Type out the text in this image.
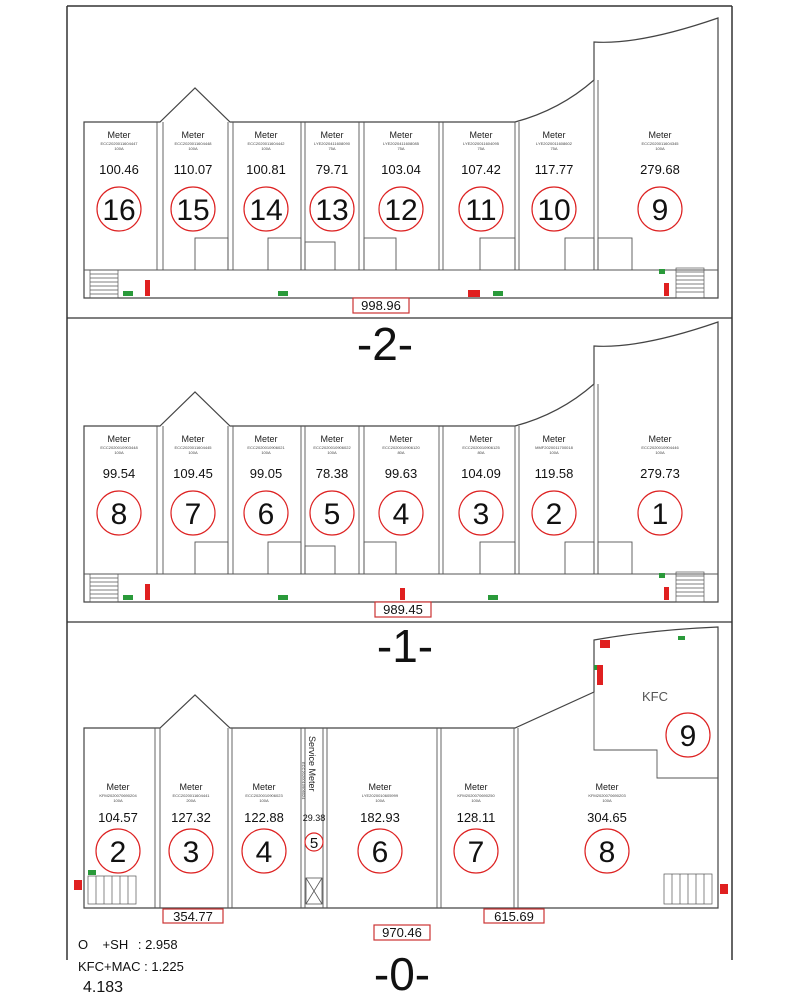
KFC
9
Service Meter
ECC2020010906024
Meter
ECC2020011604447
100A
100.46
16
Meter
ECC2020011604448
100A
110.07
15
Meter
ECC2020011604442
100A
100.81
14
Meter
LYE2020411608090
75A
79.71
13
Meter
LYE2020411608085
75A
103.04
12
Meter
LYE2020011604095
75A
107.42
11
Meter
LYE2020011608602
75A
117.77
10
Meter
ECC2020011604345
100A
279.68
9
998.96
-2-
Meter
ECC2020010903448
100A
99.54
8
Meter
ECC2020011604445
100A
109.45
7
Meter
ECC2020010906021
100A
99.05
6
Meter
ECC2020010906022
100A
78.38
5
Meter
ECC2020010906120
80A
99.63
4
Meter
ECC2020010906125
80A
104.09
3
Meter
MMF2020011700018
100A
119.58
2
Meter
ECC2020010904446
100A
279.73
1
989.45
-1-
Meter
KFM2020070690204
100A
104.57
2
Meter
ECC2020011604441
200A
127.32
3
Meter
ECC2020010906023
100A
122.88
4
29.38
5
Meter
LYE2020010605999
100A
182.93
6
Meter
KFM2020070690250
100A
128.11
7
Meter
KFM2020070690203
100A
304.65
8
970.46
-0-
354.77	615.69
O    +SH : 2.958
KFC+MAC : 1.225
4.183
